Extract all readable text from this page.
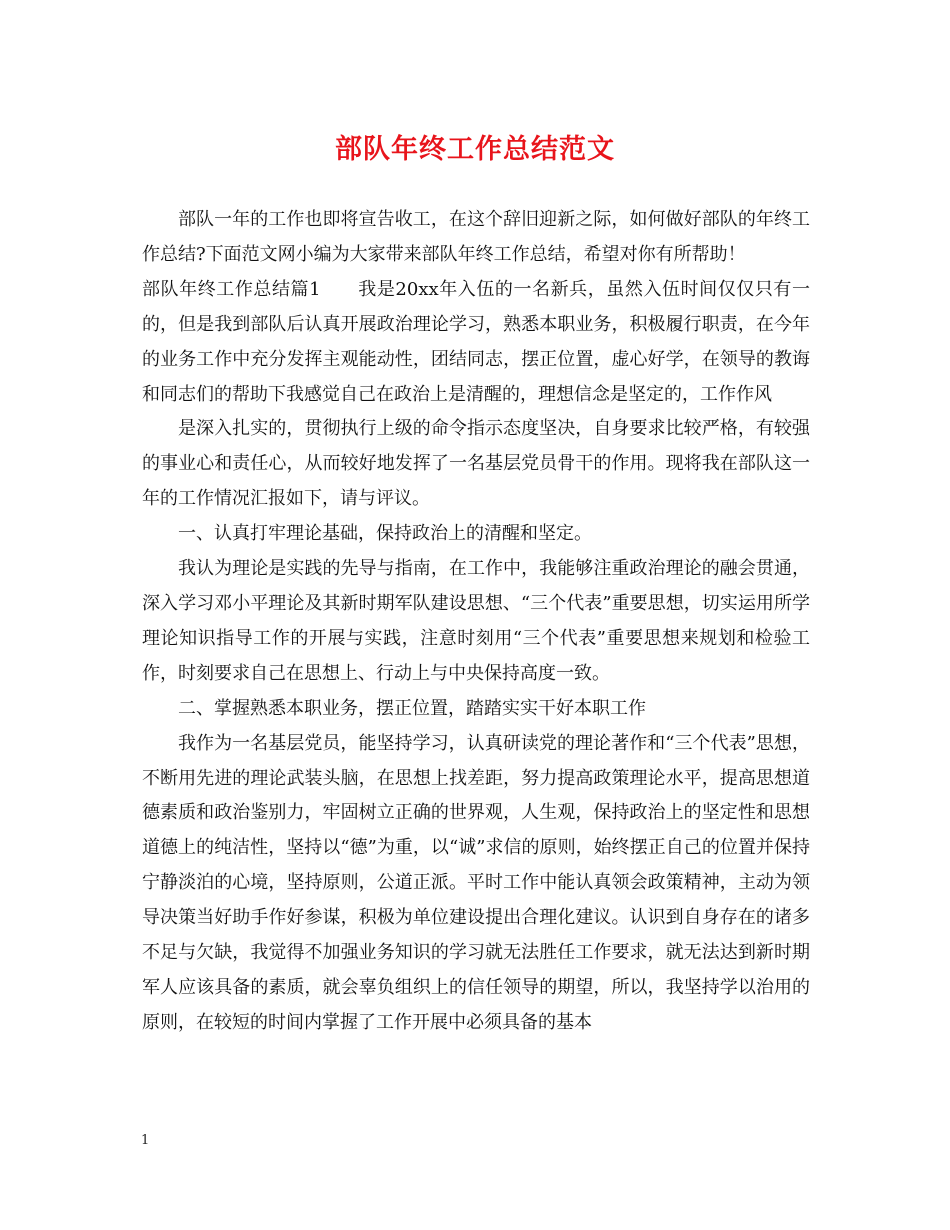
部队年终工作总结范文

部队一年的工作也即将宣告收工，在这个辞旧迎新之际，如何做好部队的年终工作总结?下面范文网小编为大家带来部队年终工作总结，希望对你有所帮助！

部队年终工作总结篇1　　我是20xx年入伍的一名新兵，虽然入伍时间仅仅只有一的，但是我到部队后认真开展政治理论学习，熟悉本职业务，积极履行职责，在今年的业务工作中充分发挥主观能动性，团结同志，摆正位置，虚心好学，在领导的教诲和同志们的帮助下我感觉自己在政治上是清醒的，理想信念是坚定的，工作作风

是深入扎实的，贯彻执行上级的命令指示态度坚决，自身要求比较严格，有较强的事业心和责任心，从而较好地发挥了一名基层党员骨干的作用。现将我在部队这一年的工作情况汇报如下，请与评议。

一、认真打牢理论基础，保持政治上的清醒和坚定。

我认为理论是实践的先导与指南，在工作中，我能够注重政治理论的融会贯通，深入学习邓小平理论及其新时期军队建设思想、“三个代表”重要思想，切实运用所学理论知识指导工作的开展与实践，注意时刻用“三个代表”重要思想来规划和检验工作，时刻要求自己在思想上、行动上与中央保持高度一致。

二、掌握熟悉本职业务，摆正位置，踏踏实实干好本职工作

我作为一名基层党员，能坚持学习，认真研读党的理论著作和“三个代表”思想，不断用先进的理论武装头脑，在思想上找差距，努力提高政策理论水平，提高思想道德素质和政治鉴别力，牢固树立正确的世界观，人生观，保持政治上的坚定性和思想道德上的纯洁性，坚持以“德”为重，以“诚”求信的原则，始终摆正自己的位置并保持宁静淡泊的心境，坚持原则，公道正派。平时工作中能认真领会政策精神，主动为领导决策当好助手作好参谋，积极为单位建设提出合理化建议。认识到自身存在的诸多不足与欠缺，我觉得不加强业务知识的学习就无法胜任工作要求，就无法达到新时期军人应该具备的素质，就会辜负组织上的信任领导的期望，所以，我坚持学以治用的原则，在较短的时间内掌握了工作开展中必须具备的基本

1
